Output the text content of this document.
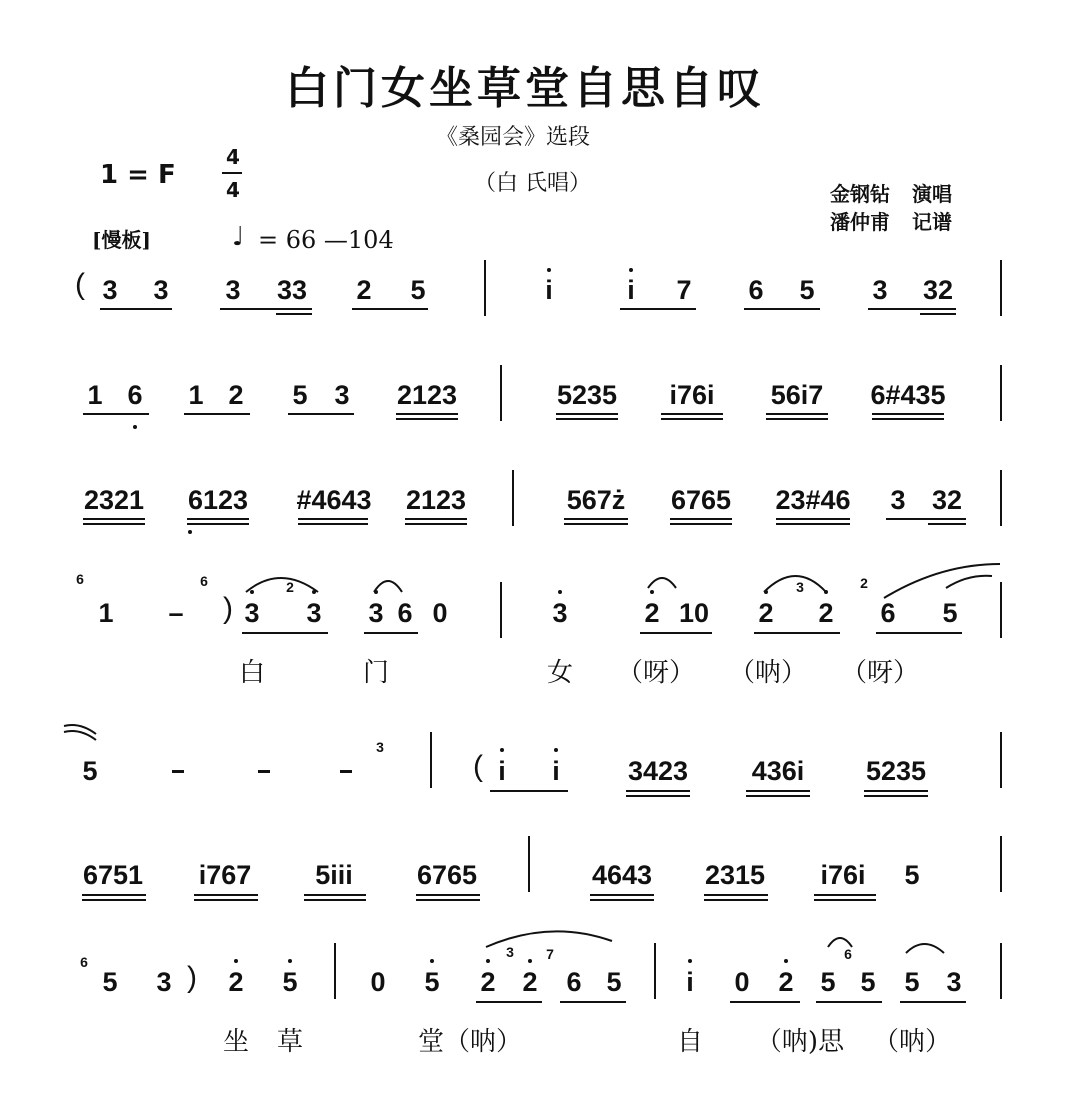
白门女坐草堂自思自叹
《桑园会》选段
（白 氏唱）
1 = F
4
4
[慢板]	♩ = 66 —104
金钢钻 演唱
潘仲甫 记谱
( 3 3 3 33 2 5	i	i 7 6 5 3 32
1 6 1 2 5 3 2123	5235 i76i 56i7 6#435
2321 6123 #4643 2123	567ż 6765 23#46 3 32
6
1 –
6
) 3
2
3 3 6 0	3	2 10 2
3
2
2
6 5
白	门	女 （呀） （呐） （呀）
5
3
( i i	3423 436i 5235
6751 i767 5iii 6765	4643 2315 i76i 5
6
5 3 ) 2 5	0 5 2
3
2
7
6 5 i 0 2 5
6
5 5 3
坐 草	堂（呐）	自 （呐)思 （呐）
